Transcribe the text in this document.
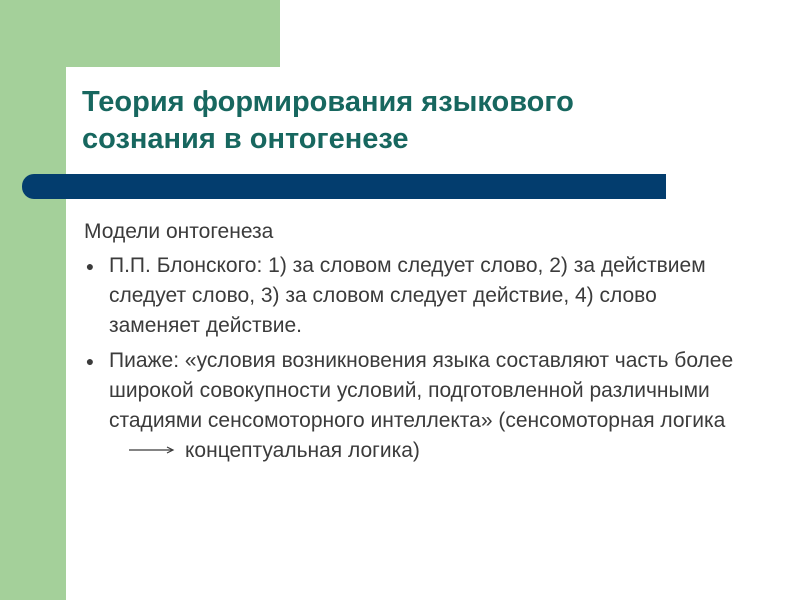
Теория формирования языкового
сознания в онтогенезе

Модели онтогенеза

● П.П. Блонского: 1) за словом следует слово, 2) за действием следует слово, 3) за словом следует действие, 4) слово заменяет действие.
● Пиаже: «условия возникновения языка составляют часть более широкой совокупности условий, подготовленной различными стадиями сенсомоторного интеллекта» (сенсомоторная логикаконцептуальная логика)
